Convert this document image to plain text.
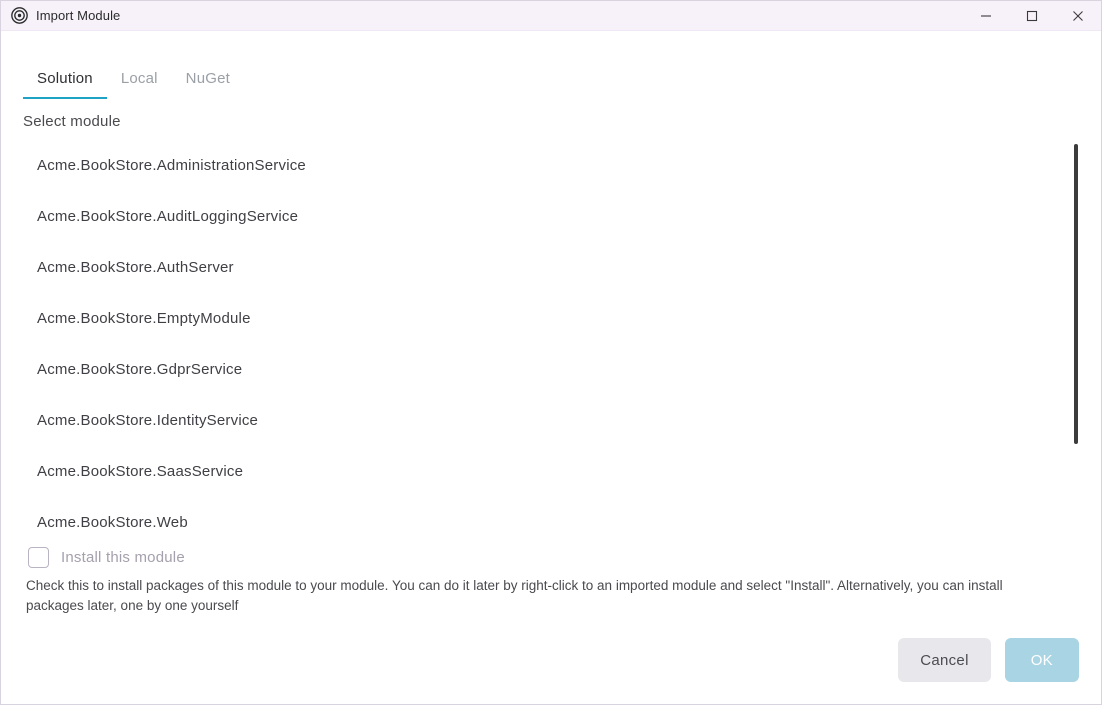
Import Module
Solution	Local	NuGet
Select module
Acme.BookStore.AdministrationService
Acme.BookStore.AuditLoggingService
Acme.BookStore.AuthServer
Acme.BookStore.EmptyModule
Acme.BookStore.GdprService
Acme.BookStore.IdentityService
Acme.BookStore.SaasService
Acme.BookStore.Web
Install this module
Check this to install packages of this module to your module. You can do it later by right-click to an imported module and select "Install". Alternatively, you can install packages later, one by one yourself
Cancel	OK
